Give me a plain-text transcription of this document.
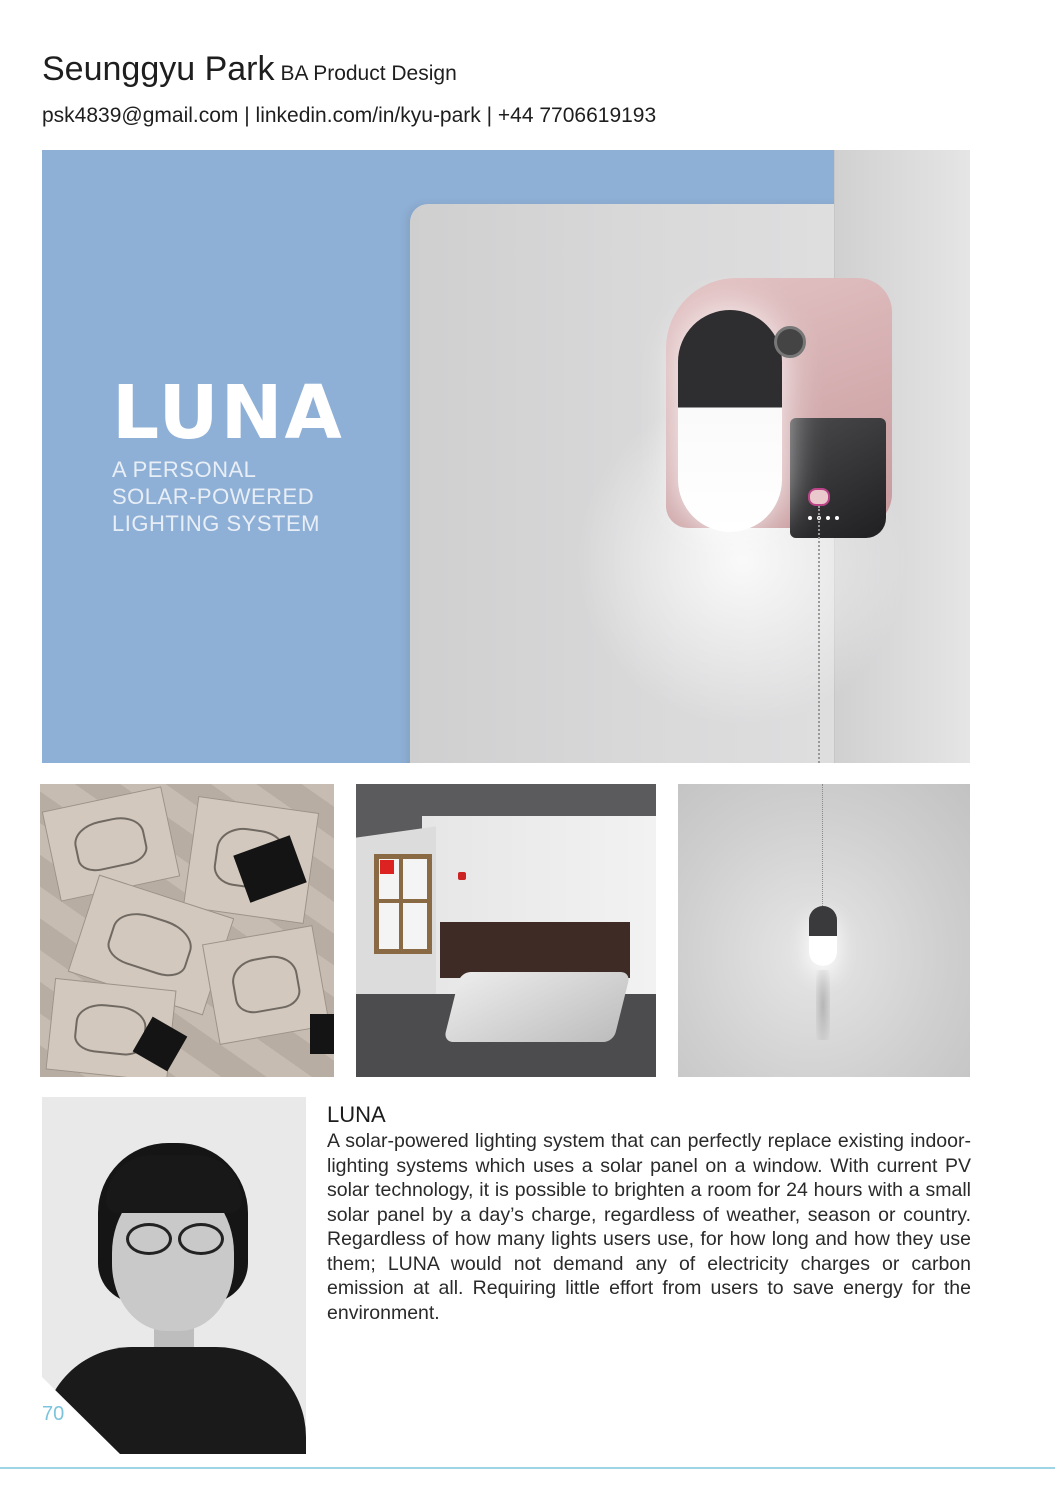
Seunggyu Park BA Product Design
psk4839@gmail.com | linkedin.com/in/kyu-park | +44 7706619193
LUNA
A PERSONAL
SOLAR-POWERED
LIGHTING SYSTEM
LUNA
A solar-powered lighting system that can perfectly replace existing indoor-lighting systems which uses a solar panel on a window. With current PV solar technology, it is possible to brighten a room for 24 hours with a small solar panel by a day’s charge, regardless of weather, season or country. Regardless of how many lights users use, for how long and how they use them; LUNA would not demand any of electricity charges or carbon emission at all. Requiring little effort from users to save energy for the environment.
70
